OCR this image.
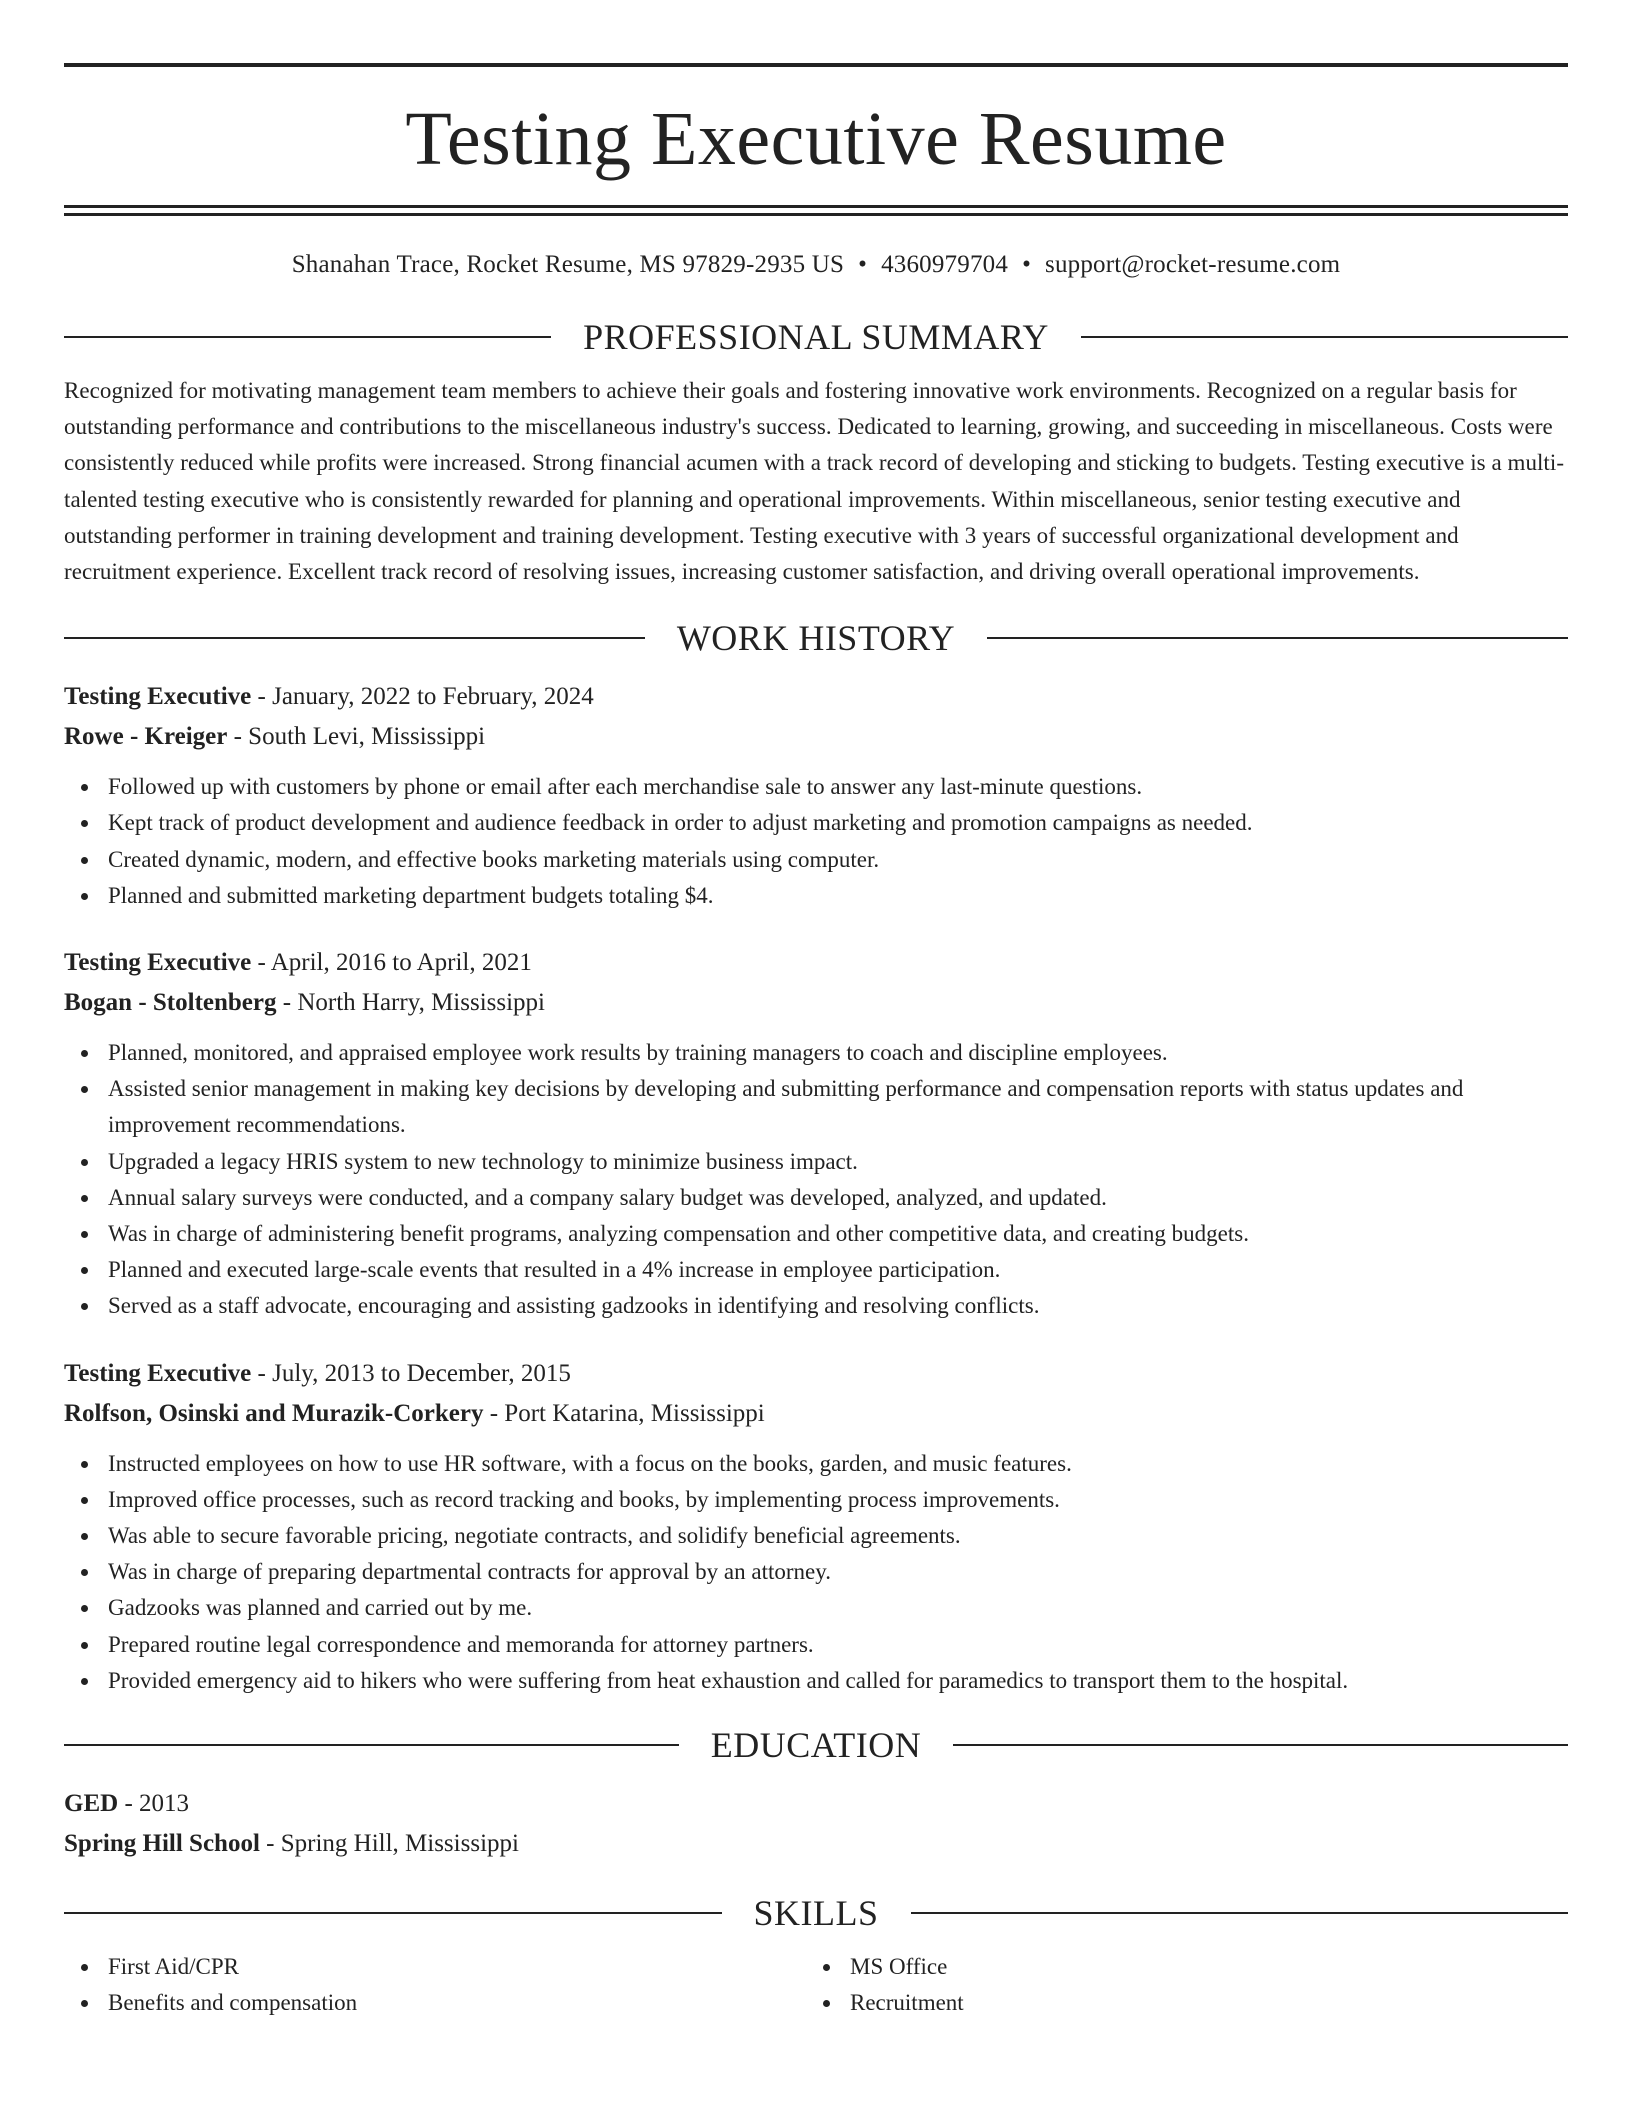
Testing Executive Resume
Shanahan Trace, Rocket Resume, MS 97829-2935 US • 4360979704 • support@rocket-resume.com
PROFESSIONAL SUMMARY

Recognized for motivating management team members to achieve their goals and fostering innovative work environments. Recognized on a regular basis for outstanding performance and contributions to the miscellaneous industry's success. Dedicated to learning, growing, and succeeding in miscellaneous. Costs were consistently reduced while profits were increased. Strong financial acumen with a track record of developing and sticking to budgets. Testing executive is a multi-talented testing executive who is consistently rewarded for planning and operational improvements. Within miscellaneous, senior testing executive and outstanding performer in training development and training development. Testing executive with 3 years of successful organizational development and recruitment experience. Excellent track record of resolving issues, increasing customer satisfaction, and driving overall operational improvements.

WORK HISTORY
Testing Executive - January, 2022 to February, 2024
Rowe - Kreiger - South Levi, Mississippi
Followed up with customers by phone or email after each merchandise sale to answer any last-minute questions.
Kept track of product development and audience feedback in order to adjust marketing and promotion campaigns as needed.
Created dynamic, modern, and effective books marketing materials using computer.
Planned and submitted marketing department budgets totaling $4.
Testing Executive - April, 2016 to April, 2021
Bogan - Stoltenberg - North Harry, Mississippi
Planned, monitored, and appraised employee work results by training managers to coach and discipline employees.
Assisted senior management in making key decisions by developing and submitting performance and compensation reports with status updates and improvement recommendations.
Upgraded a legacy HRIS system to new technology to minimize business impact.
Annual salary surveys were conducted, and a company salary budget was developed, analyzed, and updated.
Was in charge of administering benefit programs, analyzing compensation and other competitive data, and creating budgets.
Planned and executed large-scale events that resulted in a 4% increase in employee participation.
Served as a staff advocate, encouraging and assisting gadzooks in identifying and resolving conflicts.
Testing Executive - July, 2013 to December, 2015
Rolfson, Osinski and Murazik-Corkery - Port Katarina, Mississippi
Instructed employees on how to use HR software, with a focus on the books, garden, and music features.
Improved office processes, such as record tracking and books, by implementing process improvements.
Was able to secure favorable pricing, negotiate contracts, and solidify beneficial agreements.
Was in charge of preparing departmental contracts for approval by an attorney.
Gadzooks was planned and carried out by me.
Prepared routine legal correspondence and memoranda for attorney partners.
Provided emergency aid to hikers who were suffering from heat exhaustion and called for paramedics to transport them to the hospital.
EDUCATION
GED - 2013
Spring Hill School - Spring Hill, Mississippi
SKILLS
First Aid/CPR
Benefits and compensation
MS Office
Recruitment
